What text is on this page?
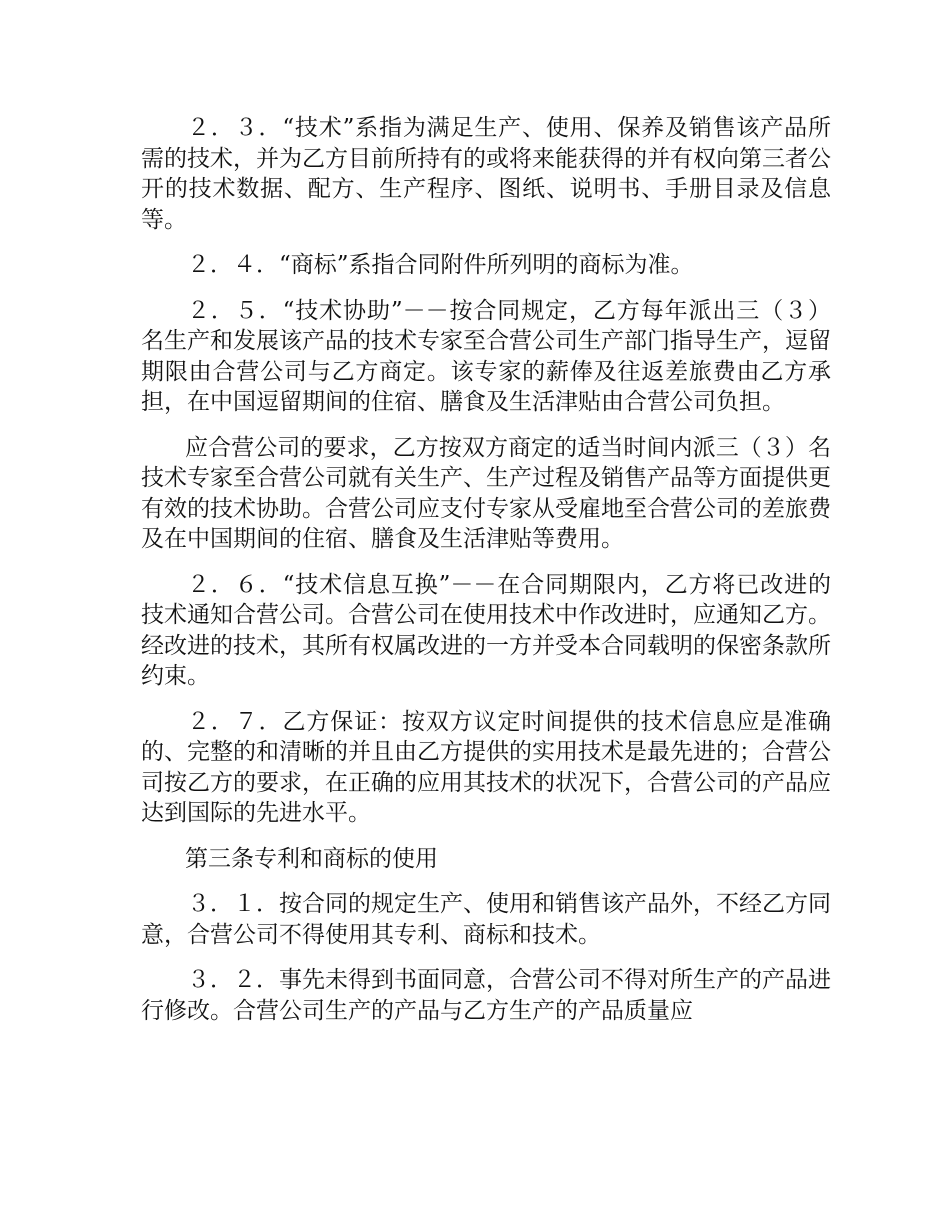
２．３．“技术”系指为满足生产、使用、保养及销售该产品所需的技术，并为乙方目前所持有的或将来能获得的并有权向第三者公开的技术数据、配方、生产程序、图纸、说明书、手册目录及信息等。

２．４．“商标”系指合同附件所列明的商标为准。

２．５．“技术协助”－－按合同规定，乙方每年派出三（３）名生产和发展该产品的技术专家至合营公司生产部门指导生产，逗留期限由合营公司与乙方商定。该专家的薪俸及往返差旅费由乙方承担，在中国逗留期间的住宿、膳食及生活津贴由合营公司负担。

应合营公司的要求，乙方按双方商定的适当时间内派三（３）名技术专家至合营公司就有关生产、生产过程及销售产品等方面提供更有效的技术协助。合营公司应支付专家从受雇地至合营公司的差旅费及在中国期间的住宿、膳食及生活津贴等费用。

２．６．“技术信息互换”－－在合同期限内，乙方将已改进的技术通知合营公司。合营公司在使用技术中作改进时，应通知乙方。经改进的技术，其所有权属改进的一方并受本合同载明的保密条款所约束。

２．７．乙方保证：按双方议定时间提供的技术信息应是准确的、完整的和清晰的并且由乙方提供的实用技术是最先进的；合营公司按乙方的要求，在正确的应用其技术的状况下，合营公司的产品应达到国际的先进水平。

第三条专利和商标的使用

３．１．按合同的规定生产、使用和销售该产品外，不经乙方同意，合营公司不得使用其专利、商标和技术。

３．２．事先未得到书面同意，合营公司不得对所生产的产品进行修改。合营公司生产的产品与乙方生产的产品质量应
